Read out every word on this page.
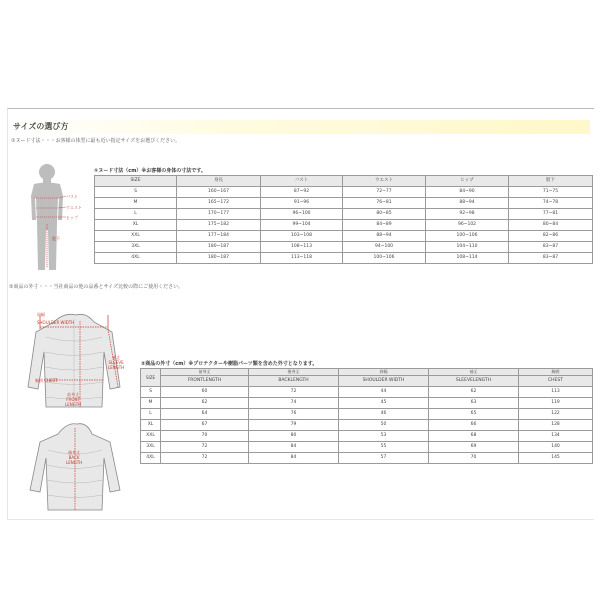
サイズの選び方
①ヌード寸法・・・お客様の体型に最も近い指定サイズをお選びください。
バスト
ウエスト
ヒップ
股下
①ヌード寸法（cm）※お客様の身体の寸法です。
SIZE	身長	バスト	ウエスト	ヒップ	股下
S	160~167	87~92	72~77	84~90	71~75
M	165~172	91~96	76~81	88~94	74~78
L	170~177	96~100	80~85	92~98	77~81
XL	175~182	99~104	84~89	96~102	80~84
XXL	177~184	103~108	88~94	100~106	82~86
3XL	180~187	108~113	94~100	104~110	83~87
4XL	180~187	113~118	100~106	108~114	83~87
②商品の外寸・・・当社商品の他の品番とサイズ比較の際にご使用ください。
肩幅
SHOULDER WIDTH
袖丈
SLEEVE
LENGTH
胸囲 CHEST
前身丈
FRONT
LENGTH
後身丈
BACK
LENGTH
②商品の外寸（cm）※プロテクターや樹脂パーツ類を含めた外寸となります。
SIZE	前身丈	後身丈	肩幅	袖丈	胸囲
	FRONTLENGTH	BACKLENGTH	SHOULDER WIDTH	SLEEVELENGTH	CHEST
S	60	72	44	62	113
M	62	74	45	63	119
L	64	76	46	65	122
XL	67	79	50	66	128
XXL	70	80	53	68	134
3XL	72	84	55	69	140
4XL	72	84	57	70	145
